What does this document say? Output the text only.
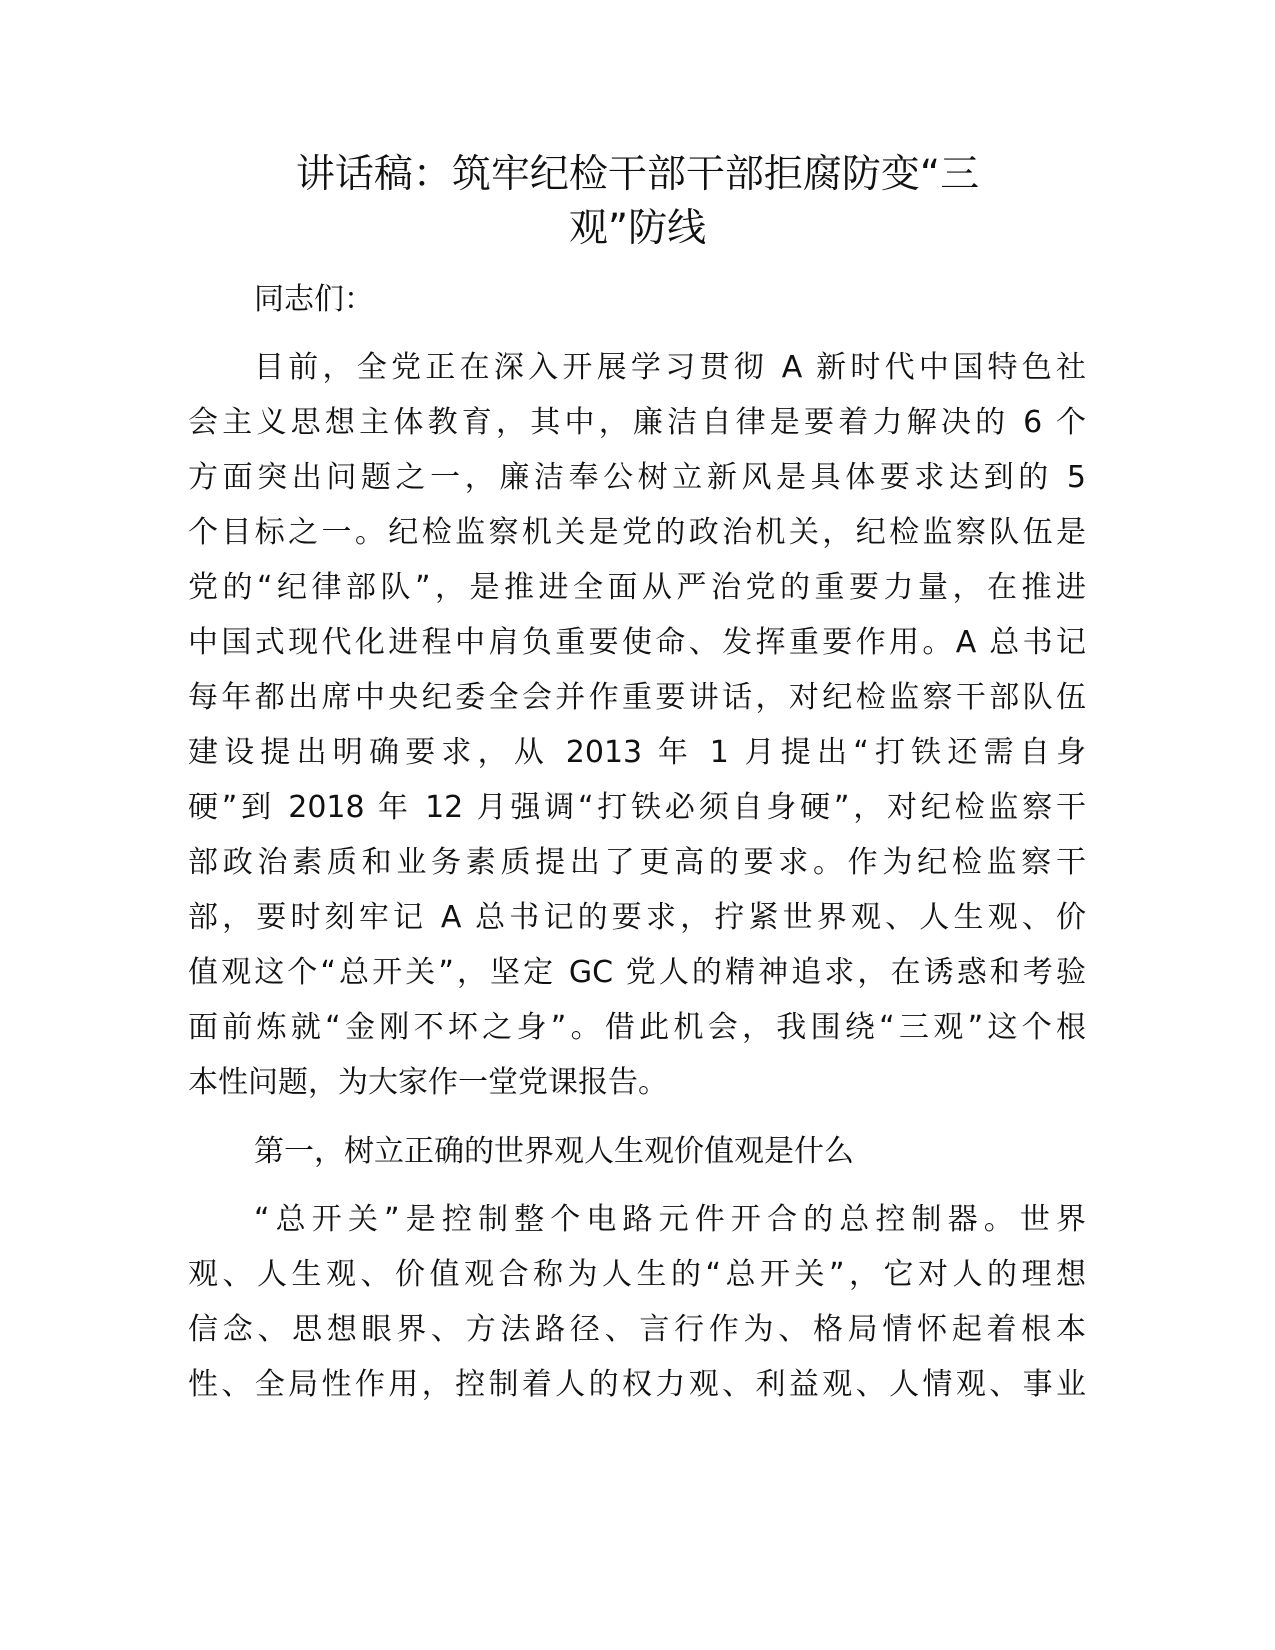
讲话稿：筑牢纪检干部干部拒腐防变“三
观”防线
同志们：
目前，全党正在深入开展学习贯彻 A 新时代中国特色社
会主义思想主体教育，其中，廉洁自律是要着力解决的 6 个
方面突出问题之一，廉洁奉公树立新风是具体要求达到的 5
个目标之一。纪检监察机关是党的政治机关，纪检监察队伍是
党的“纪律部队”，是推进全面从严治党的重要力量，在推进
中国式现代化进程中肩负重要使命、发挥重要作用。A 总书记
每年都出席中央纪委全会并作重要讲话，对纪检监察干部队伍
建设提出明确要求，从 2013 年 1 月提出“打铁还需自身
硬”到 2018 年 12 月强调“打铁必须自身硬”，对纪检监察干
部政治素质和业务素质提出了更高的要求。作为纪检监察干
部，要时刻牢记 A 总书记的要求，拧紧世界观、人生观、价
值观这个“总开关”，坚定 GC 党人的精神追求，在诱惑和考验
面前炼就“金刚不坏之身”。借此机会，我围绕“三观”这个根
本性问题，为大家作一堂党课报告。
第一，树立正确的世界观人生观价值观是什么
“总开关”是控制整个电路元件开合的总控制器。世界
观、人生观、价值观合称为人生的“总开关”，它对人的理想
信念、思想眼界、方法路径、言行作为、格局情怀起着根本
性、全局性作用，控制着人的权力观、利益观、人情观、事业
